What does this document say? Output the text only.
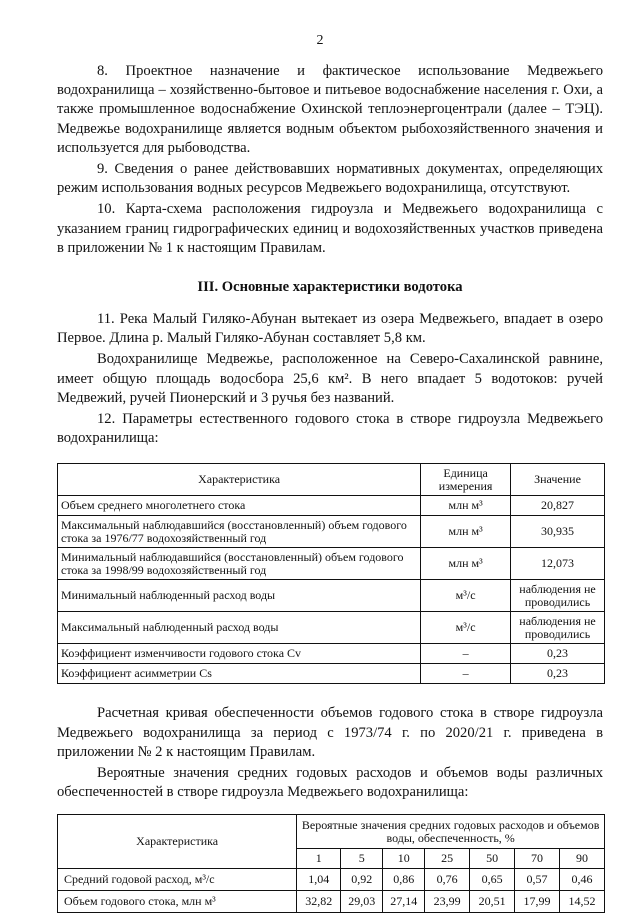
2

8. Проектное назначение и фактическое использование Медвежьего водохранилища – хозяйственно-бытовое и питьевое водоснабжение населения г. Охи, а также промышленное водоснабжение Охинской теплоэнергоцентрали (далее – ТЭЦ). Медвежье водохранилище является водным объектом рыбохозяйственного значения и используется для рыбоводства.

9. Сведения о ранее действовавших нормативных документах, определяющих режим использования водных ресурсов Медвежьего водохранилища, отсутствуют.

10. Карта-схема расположения гидроузла и Медвежьего водохранилища с указанием границ гидрографических единиц и водохозяйственных участков приведена в приложении № 1 к настоящим Правилам.

III. Основные характеристики водотока

11. Река Малый Гиляко-Абунан вытекает из озера Медвежьего, впадает в озеро Первое. Длина р. Малый Гиляко-Абунан составляет 5,8 км.

Водохранилище Медвежье, расположенное на Северо-Сахалинской равнине, имеет общую площадь водосбора 25,6 км². В него впадает 5 водотоков: ручей Медвежий, ручей Пионерский и 3 ручья без названий.

12. Параметры естественного годового стока в створе гидроузла Медвежьего водохранилища:

Характеристика	Единица измерения	Значение
Объем среднего многолетнего стока	млн м³	20,827
Максимальный наблюдавшийся (восстановленный) объем годового стока за 1976/77 водохозяйственный год	млн м³	30,935
Минимальный наблюдавшийся (восстановленный) объем годового стока за 1998/99 водохозяйственный год	млн м³	12,073
Минимальный наблюденный расход воды	м³/с	наблюдения не проводились
Максимальный наблюденный расход воды	м³/с	наблюдения не проводились
Коэффициент изменчивости годового стока Cv	–	0,23
Коэффициент асимметрии Cs	–	0,23

Расчетная кривая обеспеченности объемов годового стока в створе гидроузла Медвежьего водохранилища за период с 1973/74 г. по 2020/21 г. приведена в приложении № 2 к настоящим Правилам.

Вероятные значения средних годовых расходов и объемов воды различных обеспеченностей в створе гидроузла Медвежьего водохранилища:

Характеристика	Вероятные значения средних годовых расходов и объемов воды, обеспеченность, %						
	1	5	10	25	50	70	90
Средний годовой расход, м³/с	1,04	0,92	0,86	0,76	0,65	0,57	0,46
Объем годового стока, млн м³	32,82	29,03	27,14	23,99	20,51	17,99	14,52
